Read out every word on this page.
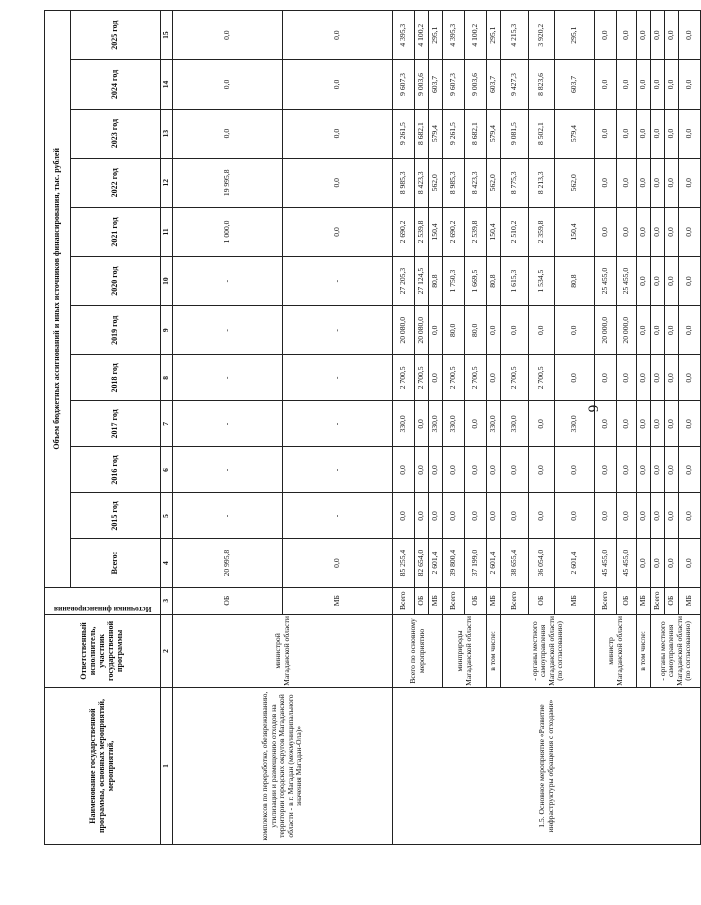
6
Наименование государственной программы, основных мероприятий, мероприятий,	Ответственный исполнитель, участник государственной программы	Источники финансирования	Объем бюджетных ассигнований и иных источников финансирования, тыс. рублей											
			Всего:	2015 год	2016 год	2017 год	2018 год	2019 год	2020 год	2021 год	2022 год	2023 год	2024 год	2025 год
1	2	3	4	5	6	7	8	9	10	11	12	13	14	15
комплексов по переработке, обезвреживанию, утилизации и размещению отходов на территории городских округов Магаданской области - в г. Магадан (межмуниципального значения Магадан-Ола)»	министрой Магаданской области	ОБ	20 995,8	-	-	-	-	-	-	1 000,0	19 995,8	0,0	0,0	0,0
		МБ	0,0	-	-	-	-	-	-	0,0	0,0	0,0	0,0	0,0
1.5. Основное мероприятие «Развитие инфраструктуры обращения с отходами»	Всего по основному мероприятию	Всего	85 255,4	0,0	0,0	330,0	2 700,5	20 080,0	27 205,3	2 690,2	8 985,3	9 261,5	9 607,3	4 395,3
		ОБ	82 654,0	0,0	0,0	0,0	2 700,5	20 080,0	27 124,5	2 539,8	8 423,3	8 682,1	9 003,6	4 100,2
		МБ	2 601,4	0,0	0,0	330,0	0,0	0,0	80,8	150,4	562,0	579,4	603,7	295,1
	минприроды Магаданской области	Всего	39 800,4	0,0	0,0	330,0	2 700,5	80,0	1 750,3	2 690,2	8 985,3	9 261,5	9 607,3	4 395,3
		ОБ	37 199,0	0,0	0,0	0,0	2 700,5	80,0	1 669,5	2 539,8	8 423,3	8 682,1	9 003,6	4 100,2
	в том числе:	МБ	2 601,4	0,0	0,0	330,0	0,0	0,0	80,8	150,4	562,0	579,4	603,7	295,1
	- органы местного самоуправления Магаданской области (по согласованию)	Всего	38 655,4	0,0	0,0	330,0	2 700,5	0,0	1 615,3	2 510,2	8 775,3	9 081,5	9 427,3	4 215,3
		ОБ	36 054,0	0,0	0,0	0,0	2 700,5	0,0	1 534,5	2 359,8	8 213,3	8 502,1	8 823,6	3 920,2
		МБ	2 601,4	0,0	0,0	330,0	0,0	0,0	80,8	150,4	562,0	579,4	603,7	295,1
	министр Магаданской области	Всего	45 455,0	0,0	0,0	0,0	0,0	20 000,0	25 455,0	0,0	0,0	0,0	0,0	0,0
		ОБ	45 455,0	0,0	0,0	0,0	0,0	20 000,0	25 455,0	0,0	0,0	0,0	0,0	0,0
	в том числе:	МБ	0,0	0,0	0,0	0,0	0,0	0,0	0,0	0,0	0,0	0,0	0,0	0,0
	- органы местного самоуправления Магаданской области (по согласованию)	Всего	0,0	0,0	0,0	0,0	0,0	0,0	0,0	0,0	0,0	0,0	0,0	0,0
		ОБ	0,0	0,0	0,0	0,0	0,0	0,0	0,0	0,0	0,0	0,0	0,0	0,0
		МБ	0,0	0,0	0,0	0,0	0,0	0,0	0,0	0,0	0,0	0,0	0,0	0,0
